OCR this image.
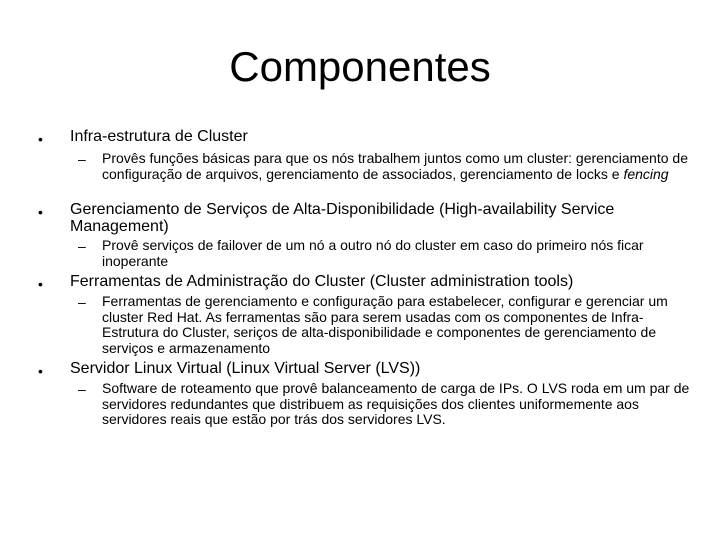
Componentes
• Infra-estrutura de Cluster
– Provês funções básicas para que os nós trabalhem juntos como um cluster: gerenciamento de configuração de arquivos, gerenciamento de associados, gerenciamento de locks e fencing
• Gerenciamento de Serviços de Alta-Disponibilidade (High-availability Service Management)
– Provê serviços de failover de um nó a outro nó do cluster em caso do primeiro nós ficar inoperante
• Ferramentas de Administração do Cluster (Cluster administration tools)
– Ferramentas de gerenciamento e configuração para estabelecer, configurar e gerenciar um cluster Red Hat. As ferramentas são para serem usadas com os componentes de Infra-Estrutura do Cluster, seriços de alta-disponibilidade e componentes de gerenciamento de serviços e armazenamento
• Servidor Linux Virtual (Linux Virtual Server (LVS))
– Software de roteamento que provê balanceamento de carga de IPs. O LVS roda em um par de servidores redundantes que distribuem as requisições dos clientes uniformemente aos servidores reais que estão por trás dos servidores LVS.
